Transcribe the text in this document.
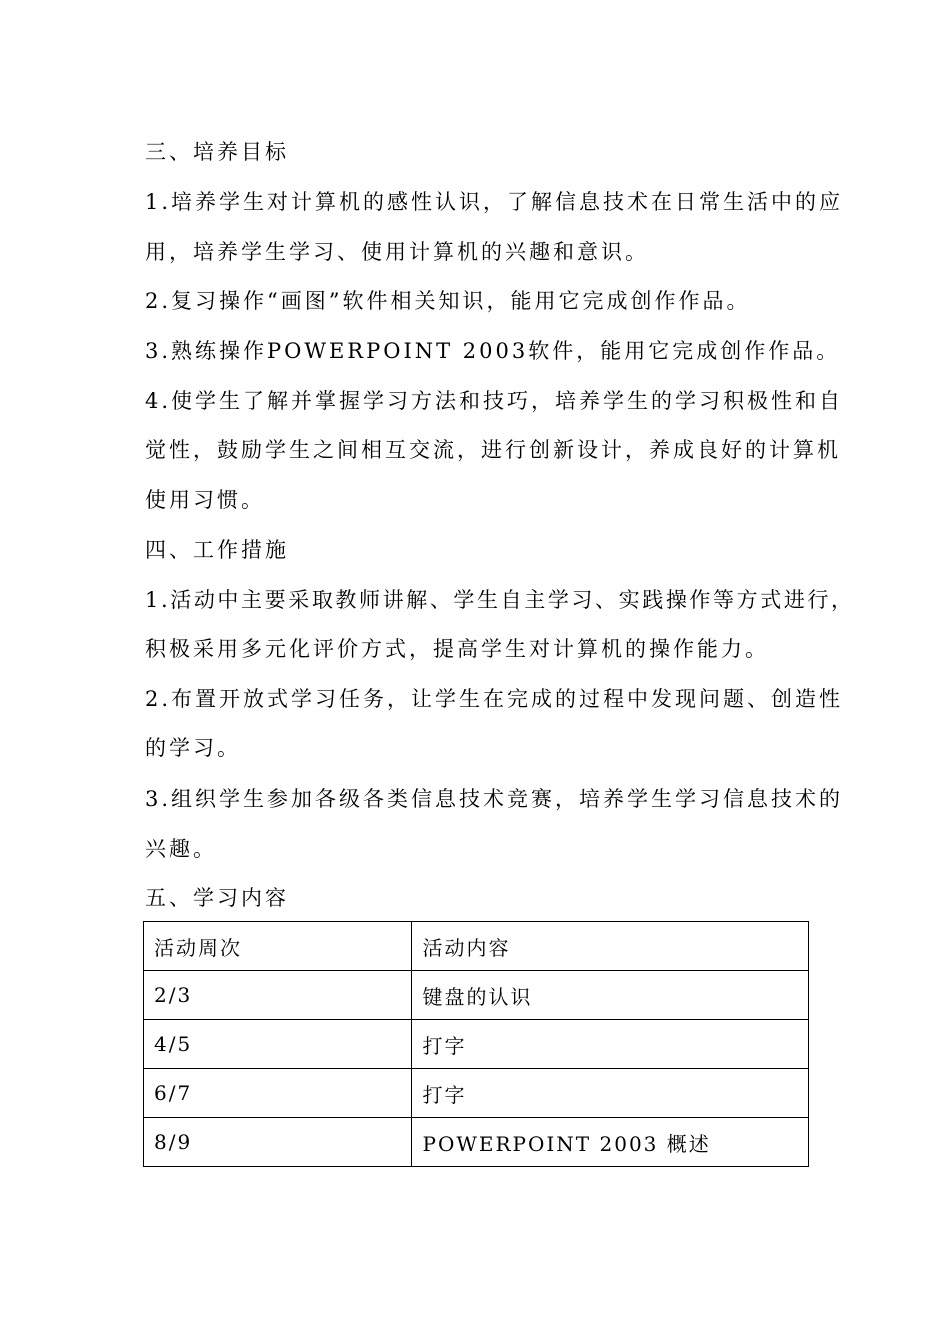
三、培养目标
1.培养学生对计算机的感性认识，了解信息技术在日常生活中的应
用，培养学生学习、使用计算机的兴趣和意识。
2.复习操作“画图”软件相关知识，能用它完成创作作品。
3.熟练操作POWERPOINT 2003软件，能用它完成创作作品。
4.使学生了解并掌握学习方法和技巧，培养学生的学习积极性和自
觉性，鼓励学生之间相互交流，进行创新设计，养成良好的计算机
使用习惯。
四、工作措施
1.活动中主要采取教师讲解、学生自主学习、实践操作等方式进行，
积极采用多元化评价方式，提高学生对计算机的操作能力。
2.布置开放式学习任务，让学生在完成的过程中发现问题、创造性
的学习。
3.组织学生参加各级各类信息技术竞赛，培养学生学习信息技术的
兴趣。
五、学习内容
活动周次	活动内容
2/3	键盘的认识
4/5	打字
6/7	打字
8/9	POWERPOINT 2003 概述
